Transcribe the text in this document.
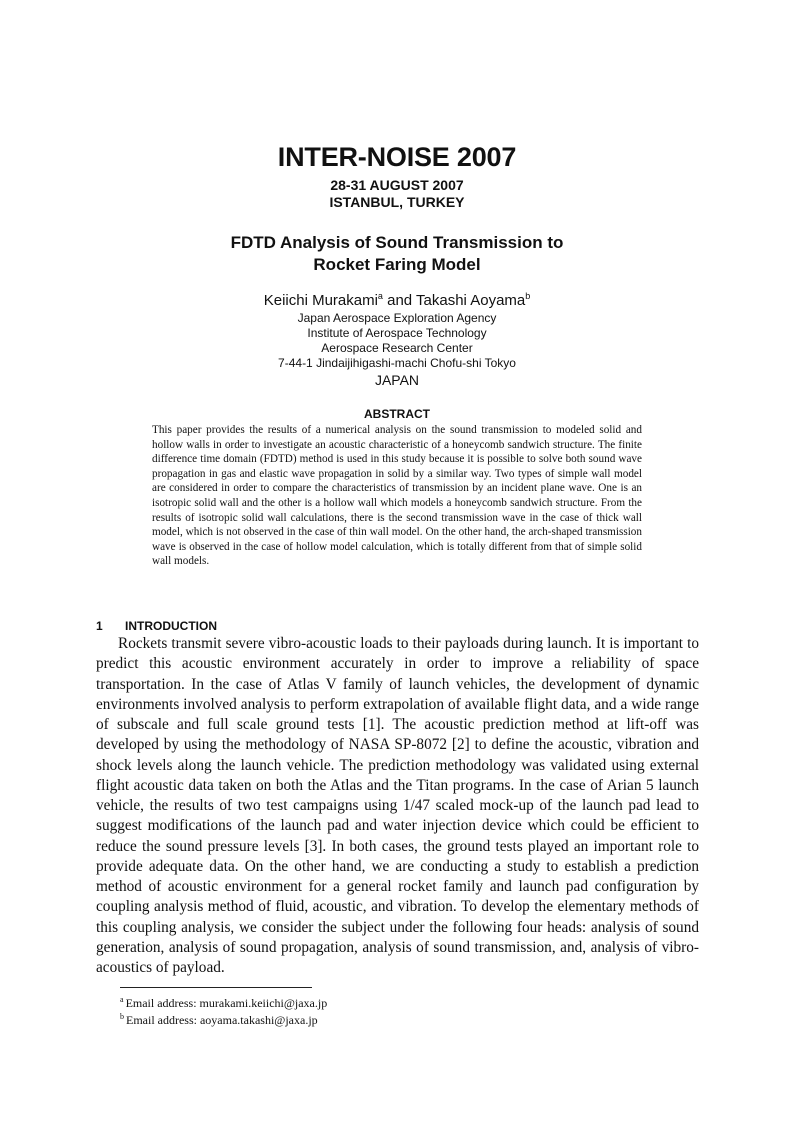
INTER-NOISE 2007
28-31 AUGUST 2007
ISTANBUL, TURKEY
FDTD Analysis of Sound Transmission to
Rocket Faring Model
Keiichi Murakami$^a$ and Takashi Aoyama$^b$
Japan Aerospace Exploration Agency
Institute of Aerospace Technology
Aerospace Research Center
7-44-1 Jindaijihigashi-machi Chofu-shi Tokyo
JAPAN
ABSTRACT
This paper provides the results of a numerical analysis on the sound transmission to modeled solid and hollow walls in order to investigate an acoustic characteristic of a honeycomb sandwich structure. The finite difference time domain (FDTD) method is used in this study because it is possible to solve both sound wave propagation in gas and elastic wave propagation in solid by a similar way. Two types of simple wall model are considered in order to compare the characteristics of transmission by an incident plane wave. One is an isotropic solid wall and the other is a hollow wall which models a honeycomb sandwich structure. From the results of isotropic solid wall calculations, there is the second transmission wave in the case of thick wall model, which is not observed in the case of thin wall model. On the other hand, the arch-shaped transmission wave is observed in the case of hollow model calculation, which is totally different from that of simple solid wall models.
1 INTRODUCTION
Rockets transmit severe vibro-acoustic loads to their payloads during launch. It is important to predict this acoustic environment accurately in order to improve a reliability of space transportation. In the case of Atlas V family of launch vehicles, the development of dynamic environments involved analysis to perform extrapolation of available flight data, and a wide range of subscale and full scale ground tests [1]. The acoustic prediction method at lift-off was developed by using the methodology of NASA SP-8072 [2] to define the acoustic, vibration and shock levels along the launch vehicle. The prediction methodology was validated using external flight acoustic data taken on both the Atlas and the Titan programs. In the case of Arian 5 launch vehicle, the results of two test campaigns using 1/47 scaled mock-up of the launch pad lead to suggest modifications of the launch pad and water injection device which could be efficient to reduce the sound pressure levels [3]. In both cases, the ground tests played an important role to provide adequate data. On the other hand, we are conducting a study to establish a prediction method of acoustic environment for a general rocket family and launch pad configuration by coupling analysis method of fluid, acoustic, and vibration. To develop the elementary methods of this coupling analysis, we consider the subject under the following four heads: analysis of sound generation, analysis of sound propagation, analysis of sound transmission, and, analysis of vibro-acoustics of payload.
$^a$ Email address: murakami.keiichi@jaxa.jp
$^b$ Email address: aoyama.takashi@jaxa.jp
